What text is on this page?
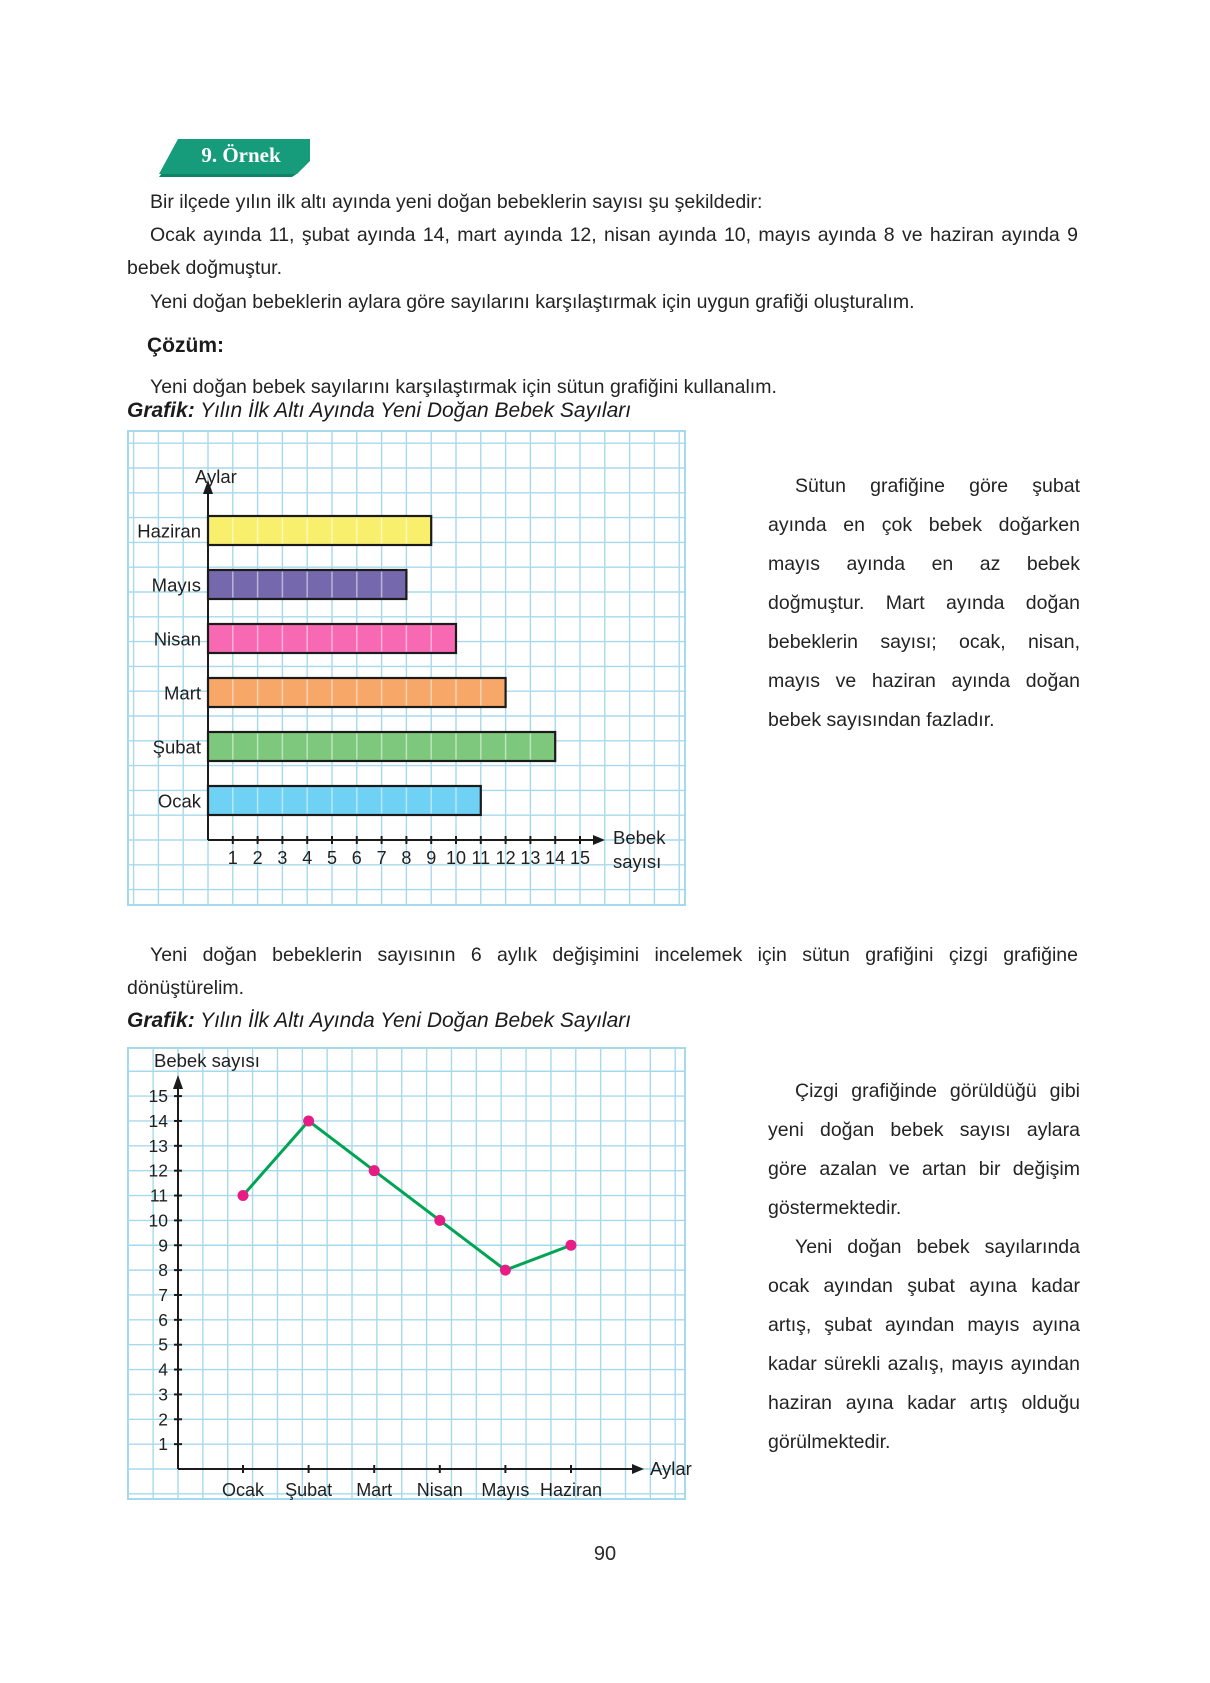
9. Örnek
Bir ilçede yılın ilk altı ayında yeni doğan bebeklerin sayısı şu şekildedir:
Ocak ayında 11, şubat ayında 14, mart ayında 12, nisan ayında 10, mayıs ayında 8 ve haziran ayında 9 bebek doğmuştur.
Yeni doğan bebeklerin aylara göre sayılarını karşılaştırmak için uygun grafiği oluşturalım.
Çözüm:
Yeni doğan bebek sayılarını karşılaştırmak için sütun grafiğini kullanalım.
Grafik: Yılın İlk Altı Ayında Yeni Doğan Bebek Sayıları
Ocak
Şubat
Mart
Nisan
Mayıs
Haziran
1 2 3 4 5 6 7 8 9 10 11 12 13 14 15
Aylar
Bebek
sayısı

Sütun grafiğine göre şubat ayında en çok bebek doğarken mayıs ayında en az bebek doğmuştur. Mart ayında doğan bebeklerin sayısı; ocak, nisan, mayıs ve haziran ayında doğan bebek sayısından fazladır.

Yeni doğan bebeklerin sayısının 6 aylık değişimini incelemek için sütun grafiğini çizgi grafiğine dönüştürelim.
Grafik: Yılın İlk Altı Ayında Yeni Doğan Bebek Sayıları
1
2
3
4
5
6
7
8
9
10
11
12
13
14
15
Ocak Şubat Mart Nisan Mayıs Haziran
Bebek sayısı
Aylar

Çizgi grafiğinde görüldüğü gibi yeni doğan bebek sayısı aylara göre azalan ve artan bir değişim göstermektedir.

Yeni doğan bebek sayılarında ocak ayından şubat ayına kadar artış, şubat ayından mayıs ayına kadar sürekli azalış, mayıs ayından haziran ayına kadar artış olduğu görülmektedir.

90
